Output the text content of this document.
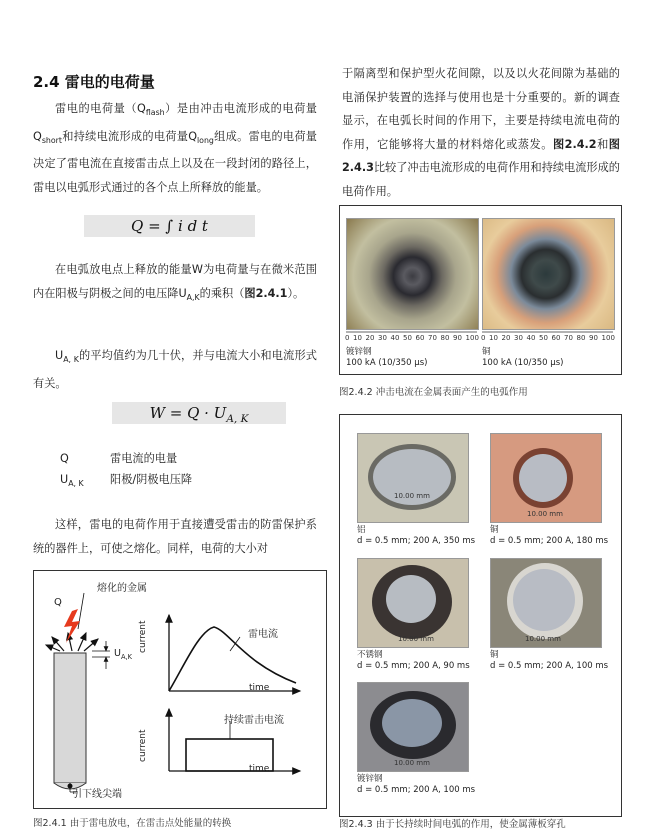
2.4 雷电的电荷量
雷电的电荷量$(Q_{flash})$是由冲击电流形成的电荷量$Q_{short}$和持续电流形成的电荷量$Q_{long}$组成。雷电的电荷量决定了雷电流在直接雷击点上以及在一段封闭的路径上，雷电以电弧形式通过的各个点上所释放的能量。
Q = ∫ i d t
在电弧放电点上释放的能量W为电荷量与在微米范围内在阳极与阴极之间的电压降$U_{A,K}$的乘积（图2.4.1）。
$U_{A, K}$的平均值约为几十伏，并与电流大小和电流形式有关。
$W = Q \cdot U_{A, K}$
Q	雷电流的电量
$U_{A, K}$ 阳极/阴极电压降
这样，雷电的电荷作用于直接遭受雷击的防雷保护系统的器件上，可使之熔化。同样，电荷的大小对
熔化的金属
Q
$U_{A,K}$
引下线尖端
雷电流
持续雷击电流
current
current
time
time
图2.4.1 由于雷电放电，在雷击点处能量的转换
于隔离型和保护型火花间隙，以及以火花间隙为基础的电涌保护装置的选择与使用也是十分重要的。新的调查显示，在电弧长时间的作用下，主要是持续电流电荷的作用，它能够将大量的材料熔化或蒸发。图2.4.2和图2.4.3比较了冲击电流形成的电荷作用和持续电流形成的电荷作用。
0 10 20 30 40 50 60 70 80 90 100 0 10 20 30 40 50 60 70 80 90 100
镀锌钢
100 kA (10/350 μs)
铜
100 kA (10/350 μs)
图2.4.2 冲击电流在金属表面产生的电弧作用
10.00 mm
铝
d = 0.5 mm; 200 A, 350 ms
10.00 mm
铜
d = 0.5 mm; 200 A, 180 ms
10.00 mm
不锈钢
d = 0.5 mm; 200 A, 90 ms
10.00 mm
铜
d = 0.5 mm; 200 A, 100 ms
10.00 mm
镀锌钢
d = 0.5 mm; 200 A, 100 ms
图2.4.3 由于长持续时间电弧的作用，使金属薄板穿孔
